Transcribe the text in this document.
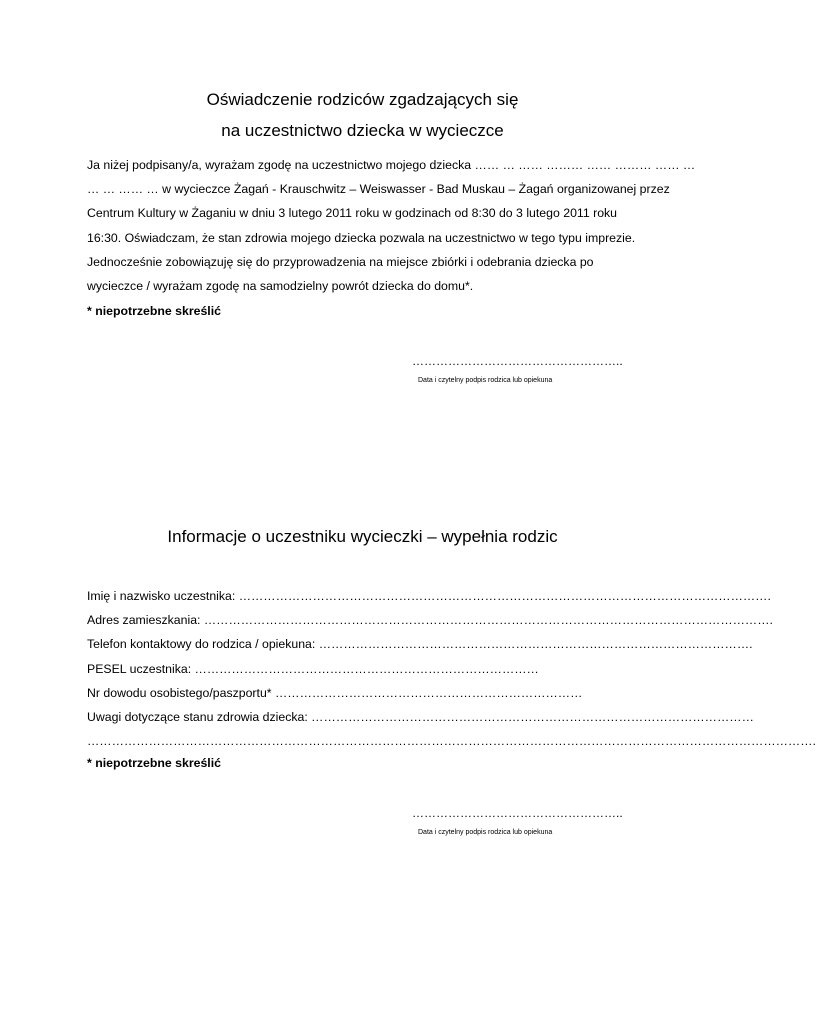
Oświadczenie rodziców zgadzających się
na uczestnictwo dziecka w wycieczce
Ja niżej podpisany/a, wyrażam zgodę na uczestnictwo mojego dziecka …… … …… ……… …… ……… …… …
… … …… … w wycieczce Żagań - Krauschwitz – Weiswasser - Bad Muskau – Żagań organizowanej przez
Centrum Kultury w Żaganiu w dniu 3 lutego 2011 roku w godzinach od 8:30 do 3 lutego 2011 roku
16:30. Oświadczam, że stan zdrowia mojego dziecka pozwala na uczestnictwo w tego typu imprezie.
Jednocześnie zobowiązuję się do przyprowadzenia na miejsce zbiórki i odebrania dziecka po
wycieczce / wyrażam zgodę na samodzielny powrót dziecka do domu*.
* niepotrzebne skreślić
……………………………………………..
Data i czytelny podpis rodzica lub opiekuna
Informacje o uczestniku wycieczki – wypełnia rodzic
Imię i nazwisko uczestnika: ………………………………………………………………………………………………………………….
Adres zamieszkania: ………………………………………………………………………………………………………………………….
Telefon kontaktowy do rodzica / opiekuna: …………………………………………………………………………………………….
PESEL uczestnika: …………………………………………………………………………
Nr dowodu osobistego/paszportu* …………………………………………………………………
Uwagi dotyczące stanu zdrowia dziecka: ………………………………………………………………………………………………
…………………………………………………………………………………………………………………………………………………………….
* niepotrzebne skreślić
……………………………………………..
Data i czytelny podpis rodzica lub opiekuna
